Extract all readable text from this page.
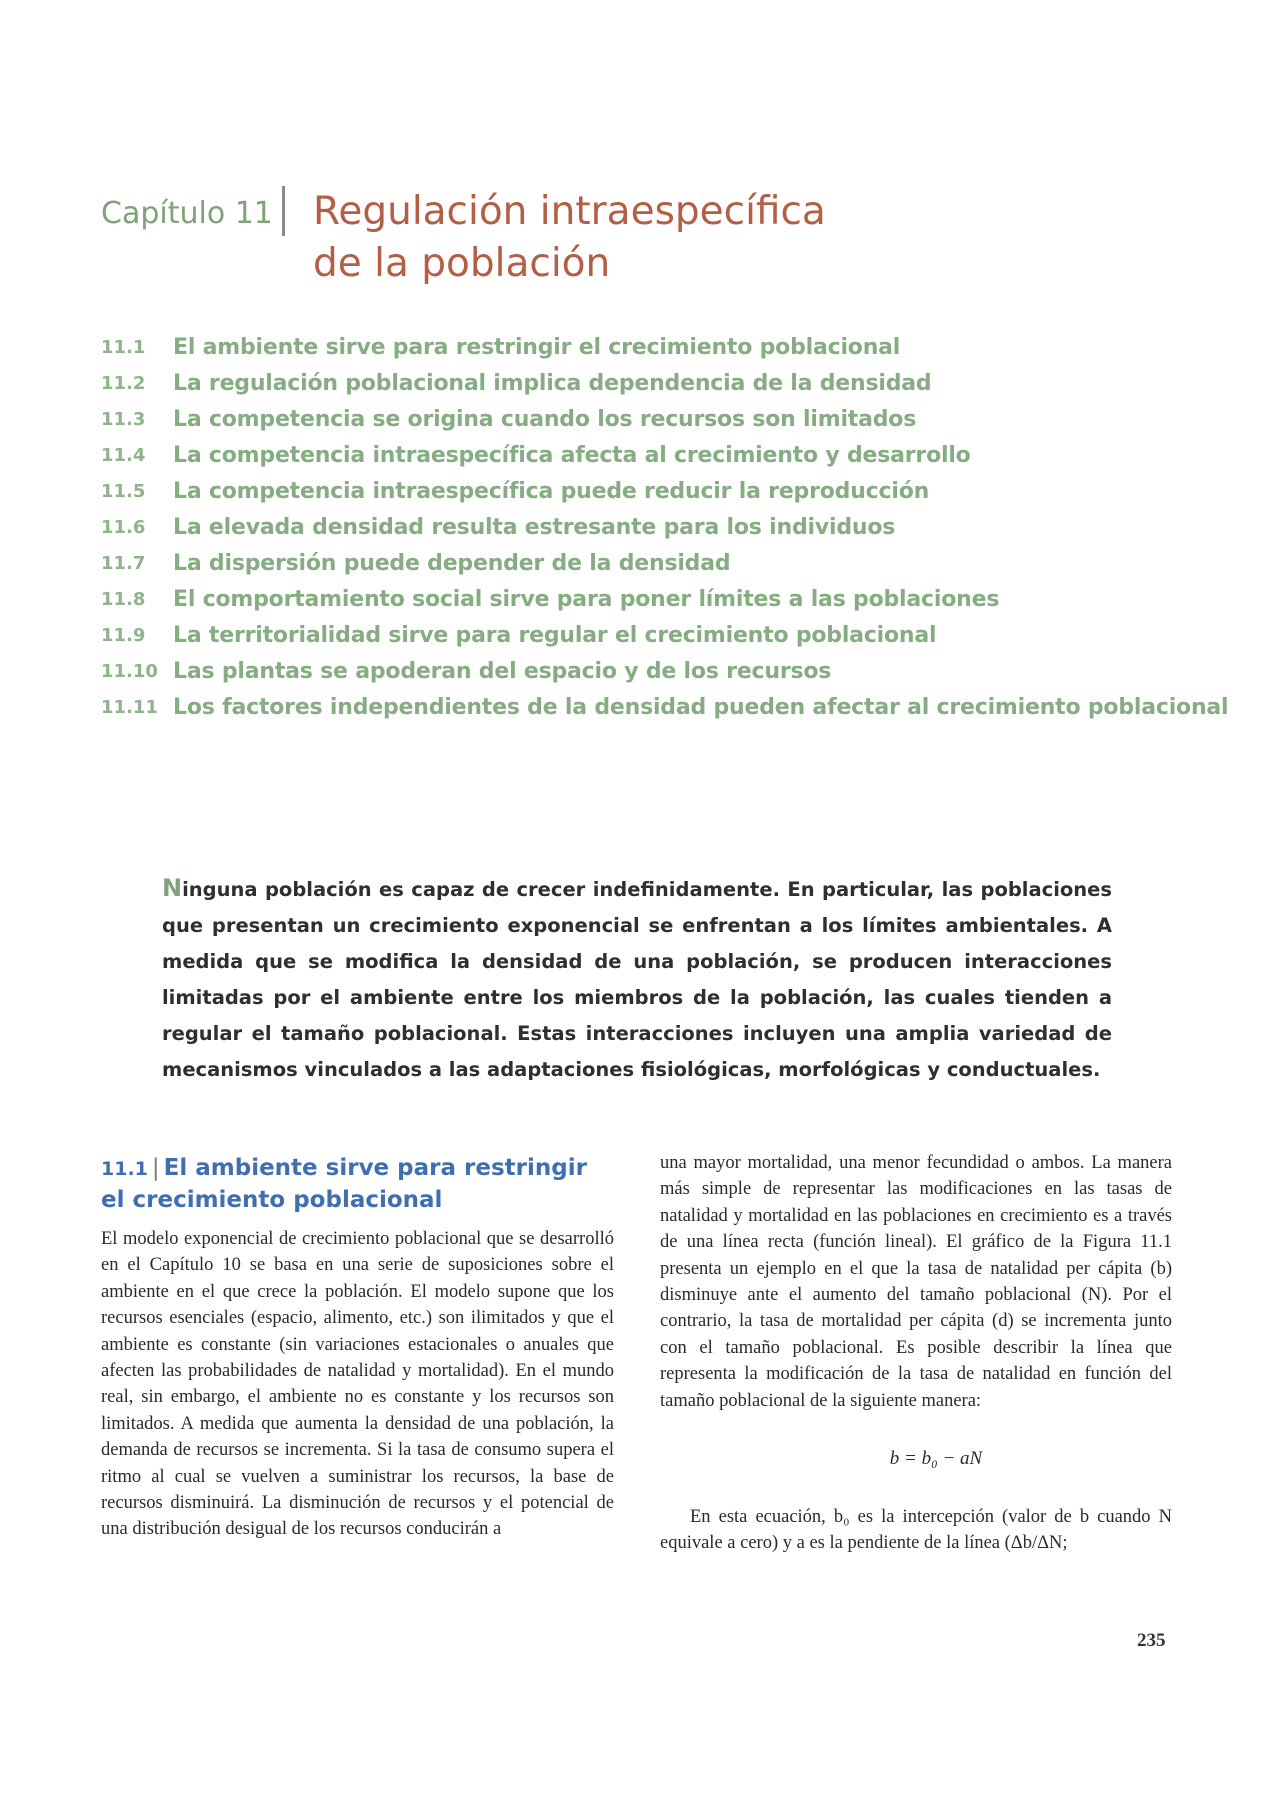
Capítulo 11 Regulación intraespecífica
de la población
11.1 El ambiente sirve para restringir el crecimiento poblacional
11.2 La regulación poblacional implica dependencia de la densidad
11.3 La competencia se origina cuando los recursos son limitados
11.4 La competencia intraespecífica afecta al crecimiento y desarrollo
11.5 La competencia intraespecífica puede reducir la reproducción
11.6 La elevada densidad resulta estresante para los individuos
11.7 La dispersión puede depender de la densidad
11.8 El comportamiento social sirve para poner límites a las poblaciones
11.9 La territorialidad sirve para regular el crecimiento poblacional
11.10 Las plantas se apoderan del espacio y de los recursos
11.11 Los factores independientes de la densidad pueden afectar al crecimiento poblacional

Ninguna población es capaz de crecer indefinidamente. En particular, las poblaciones que presentan un crecimiento exponencial se enfrentan a los límites ambientales. A medida que se modifica la densidad de una población, se producen interacciones limitadas por el ambiente entre los miembros de la población, las cuales tienden a regular el tamaño poblacional. Estas interacciones incluyen una amplia variedad de mecanismos vinculados a las adaptaciones fisiológicas, morfológicas y conductuales.

11.1 | El ambiente sirve para restringir el crecimiento poblacional

El modelo exponencial de crecimiento poblacional que se desarrolló en el Capítulo 10 se basa en una serie de suposiciones sobre el ambiente en el que crece la población. El modelo supone que los recursos esenciales (espacio, alimento, etc.) son ilimitados y que el ambiente es constante (sin variaciones estacionales o anuales que afecten las probabilidades de natalidad y mortalidad). En el mundo real, sin embargo, el ambiente no es constante y los recursos son limitados. A medida que aumenta la densidad de una población, la demanda de recursos se incrementa. Si la tasa de consumo supera el ritmo al cual se vuelven a suministrar los recursos, la base de recursos disminuirá. La disminución de recursos y el potencial de una distribución desigual de los recursos conducirán a

una mayor mortalidad, una menor fecundidad o ambos. La manera más simple de representar las modificaciones en las tasas de natalidad y mortalidad en las poblaciones en crecimiento es a través de una línea recta (función lineal). El gráfico de la Figura 11.1 presenta un ejemplo en el que la tasa de natalidad per cápita (b) disminuye ante el aumento del tamaño poblacional (N). Por el contrario, la tasa de mortalidad per cápita (d) se incrementa junto con el tamaño poblacional. Es posible describir la línea que representa la modificación de la tasa de natalidad en función del tamaño poblacional de la siguiente manera:

b = b₀ − aN

En esta ecuación, b₀ es la intercepción (valor de b cuando N equivale a cero) y a es la pendiente de la línea (Δb/ΔN;

235
